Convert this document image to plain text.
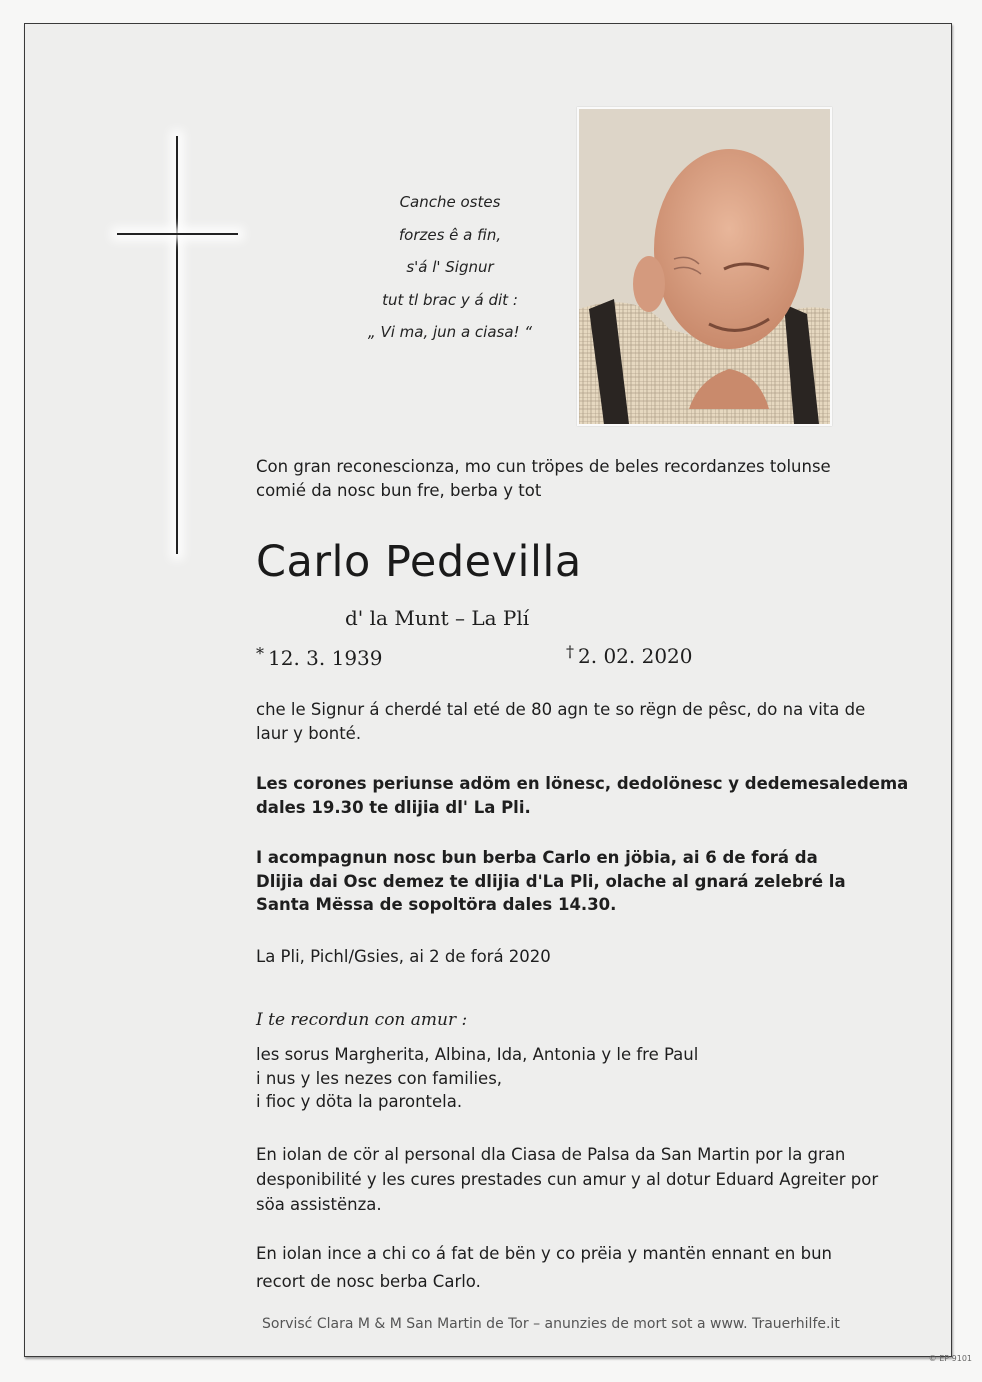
Canche ostes
forzes ê a fin,
s'á l' Signur
tut tl brac y á dit :
„ Vi ma, jun a ciasa! “
Con gran reconescionza, mo cun tröpes de beles recordanzes tolunse
comié da nosc bun fre, berba y tot
Carlo Pedevilla
d' la Munt – La Plí
* 12. 3. 1939	† 2. 02. 2020
che le Signur á cherdé tal eté de 80 agn te so rëgn de pêsc, do na vita de
laur y bonté.
Les corones periunse adöm en lönesc, dedolönesc y dedemesaledema
dales 19.30 te dlijia dl' La Pli.
I acompagnun nosc bun berba Carlo en jöbia, ai 6 de forá da
Dlijia dai Osc demez te dlijia d'La Pli, olache al gnará zelebré la
Santa Mëssa de sopoltöra dales 14.30.
La Pli, Pichl/Gsies, ai 2 de forá 2020
I te recordun con amur :
les sorus Margherita, Albina, Ida, Antonia y le fre Paul
i nus y les nezes con families,
i fioc y döta la parontela.
En iolan de cör al personal dla Ciasa de Palsa da San Martin por la gran
desponibilité y les cures prestades cun amur y al dotur Eduard Agreiter por
söa assistënza.
En iolan ince a chi co á fat de bën y co prëia y mantën ennant en bun
recort de nosc berba Carlo.
Sorvisć Clara M & M San Martin de Tor – anunzies de mort sot a www. Trauerhilfe.it
© EP 9101
